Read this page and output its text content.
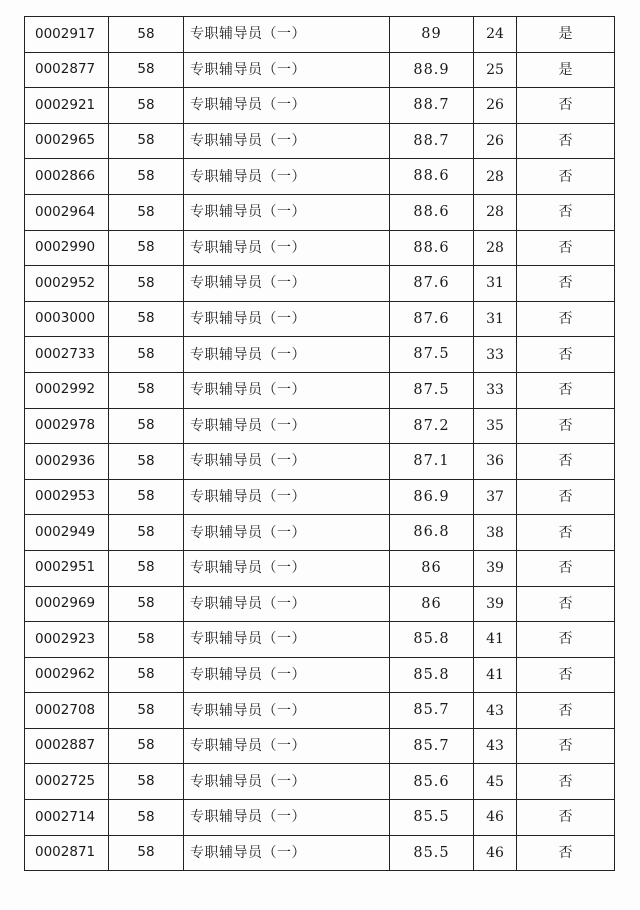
0002917	58	专职辅导员（一）	89	24	是
0002877	58	专职辅导员（一）	88.9	25	是
0002921	58	专职辅导员（一）	88.7	26	否
0002965	58	专职辅导员（一）	88.7	26	否
0002866	58	专职辅导员（一）	88.6	28	否
0002964	58	专职辅导员（一）	88.6	28	否
0002990	58	专职辅导员（一）	88.6	28	否
0002952	58	专职辅导员（一）	87.6	31	否
0003000	58	专职辅导员（一）	87.6	31	否
0002733	58	专职辅导员（一）	87.5	33	否
0002992	58	专职辅导员（一）	87.5	33	否
0002978	58	专职辅导员（一）	87.2	35	否
0002936	58	专职辅导员（一）	87.1	36	否
0002953	58	专职辅导员（一）	86.9	37	否
0002949	58	专职辅导员（一）	86.8	38	否
0002951	58	专职辅导员（一）	86	39	否
0002969	58	专职辅导员（一）	86	39	否
0002923	58	专职辅导员（一）	85.8	41	否
0002962	58	专职辅导员（一）	85.8	41	否
0002708	58	专职辅导员（一）	85.7	43	否
0002887	58	专职辅导员（一）	85.7	43	否
0002725	58	专职辅导员（一）	85.6	45	否
0002714	58	专职辅导员（一）	85.5	46	否
0002871	58	专职辅导员（一）	85.5	46	否
